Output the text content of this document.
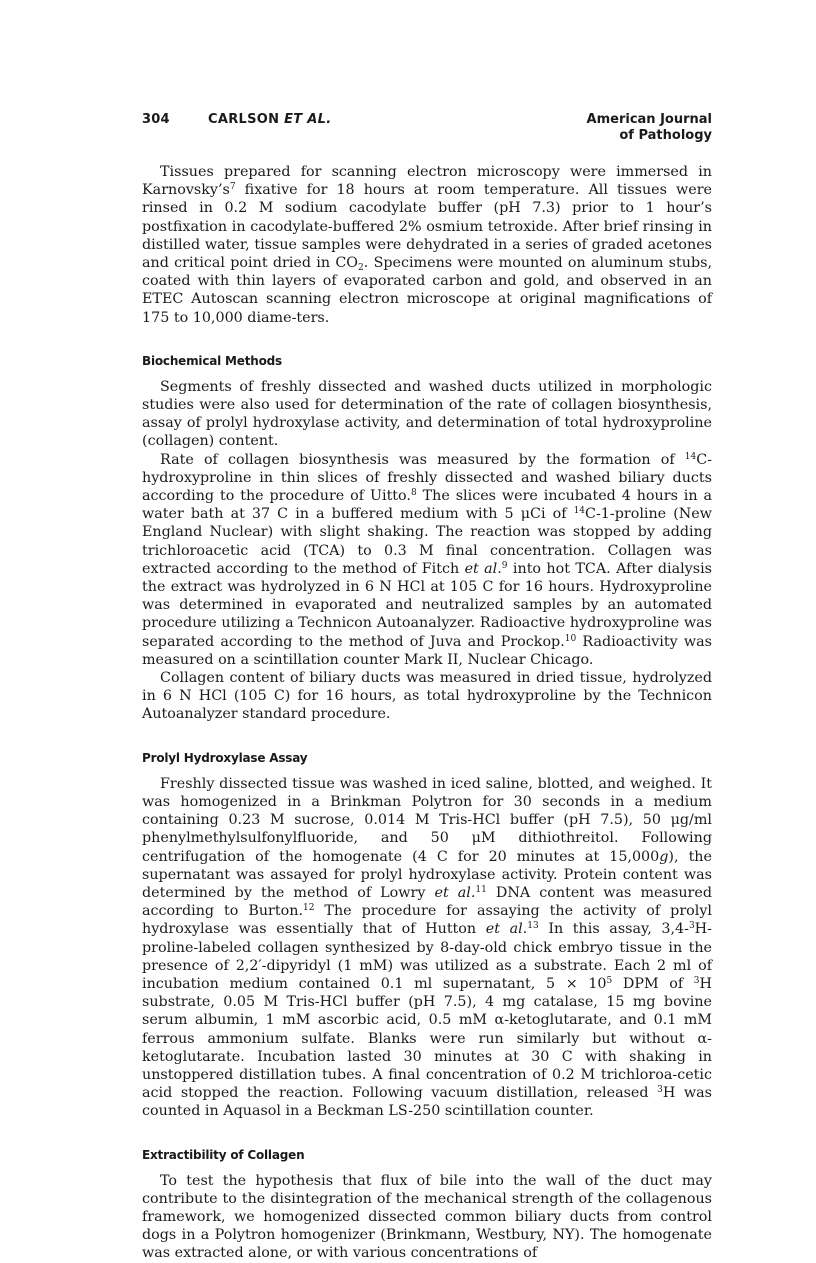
304	CARLSON ET AL.	American Journal
of Pathology

Tissues prepared for scanning electron microscopy were immersed in $Karnovsky’s^7$ fixative for 18 hours at room temperature. All tissues were rinsed in 0.2 M sodium cacodylate buffer (pH 7.3) prior to 1 hour’s postfixation in cacodylate-buffered 2% osmium tetroxide. After brief rinsing in distilled water, tissue samples were dehydrated in a series of graded acetones and critical point dried in $CO_2$. Specimens were mounted on aluminum stubs, coated with thin layers of evaporated carbon and gold, and observed in an ETEC Autoscan scanning electron microscope at original magnifications of 175 to 10,000 diame-ters.

Biochemical Methods

Segments of freshly dissected and washed ducts utilized in morphologic studies were also used for determination of the rate of collagen biosynthesis, assay of prolyl hydroxylase activity, and determination of total hydroxyproline (collagen) content.

Rate of collagen biosynthesis was measured by the formation of $^{14}$C-hydroxyproline in thin slices of freshly dissected and washed biliary ducts according to the procedure of Uitto.$^8$ The slices were incubated 4 hours in a water bath at 37 C in a buffered medium with 5 μCi of $^{14}$C-1-proline (New England Nuclear) with slight shaking. The reaction was stopped by adding trichloroacetic acid (TCA) to 0.3 M final concentration. Collagen was extracted according to the method of Fitch et al.$^9$ into hot TCA. After dialysis the extract was hydrolyzed in 6 N HCl at 105 C for 16 hours. Hydroxyproline was determined in evaporated and neutralized samples by an automated procedure utilizing a Technicon Autoanalyzer. Radioactive hydroxyproline was separated according to the method of Juva and Prockop.$^{10}$ Radioactivity was measured on a scintillation counter Mark II, Nuclear Chicago.

Collagen content of biliary ducts was measured in dried tissue, hydrolyzed in 6 N HCl (105 C) for 16 hours, as total hydroxyproline by the Technicon Autoanalyzer standard procedure.

Prolyl Hydroxylase Assay

Freshly dissected tissue was washed in iced saline, blotted, and weighed. It was homogenized in a Brinkman Polytron for 30 seconds in a medium containing 0.23 M sucrose, 0.014 M Tris-HCl buffer (pH 7.5), 50 μg/ml phenylmethylsulfonylfluoride, and 50 μM dithiothreitol. Following centrifugation of the homogenate (4 C for 20 minutes at 15,000g), the supernatant was assayed for prolyl hydroxylase activity. Protein content was determined by the method of Lowry et al.$^{11}$ DNA content was measured according to Burton.$^{12}$ The procedure for assaying the activity of prolyl hydroxylase was essentially that of Hutton et al.$^{13}$ In this assay, 3,4-$^3$H-proline-labeled collagen synthesized by 8-day-old chick embryo tissue in the presence of 2,2′-dipyridyl (1 mM) was utilized as a substrate. Each 2 ml of incubation medium contained 0.1 ml supernatant, $5 \times 10^5$ DPM of $^3$H substrate, 0.05 M Tris-HCl buffer (pH 7.5), 4 mg catalase, 15 mg bovine serum albumin, 1 mM ascorbic acid, 0.5 mM α-ketoglutarate, and 0.1 mM ferrous ammonium sulfate. Blanks were run similarly but without α-ketoglutarate. Incubation lasted 30 minutes at 30 C with shaking in unstoppered distillation tubes. A final concentration of 0.2 M trichloroa-cetic acid stopped the reaction. Following vacuum distillation, released $^3$H was counted in Aquasol in a Beckman LS-250 scintillation counter.

Extractibility of Collagen

To test the hypothesis that flux of bile into the wall of the duct may contribute to the disintegration of the mechanical strength of the collagenous framework, we homogenized dissected common biliary ducts from control dogs in a Polytron homogenizer (Brinkmann, Westbury, NY). The homogenate was extracted alone, or with various concentrations of
